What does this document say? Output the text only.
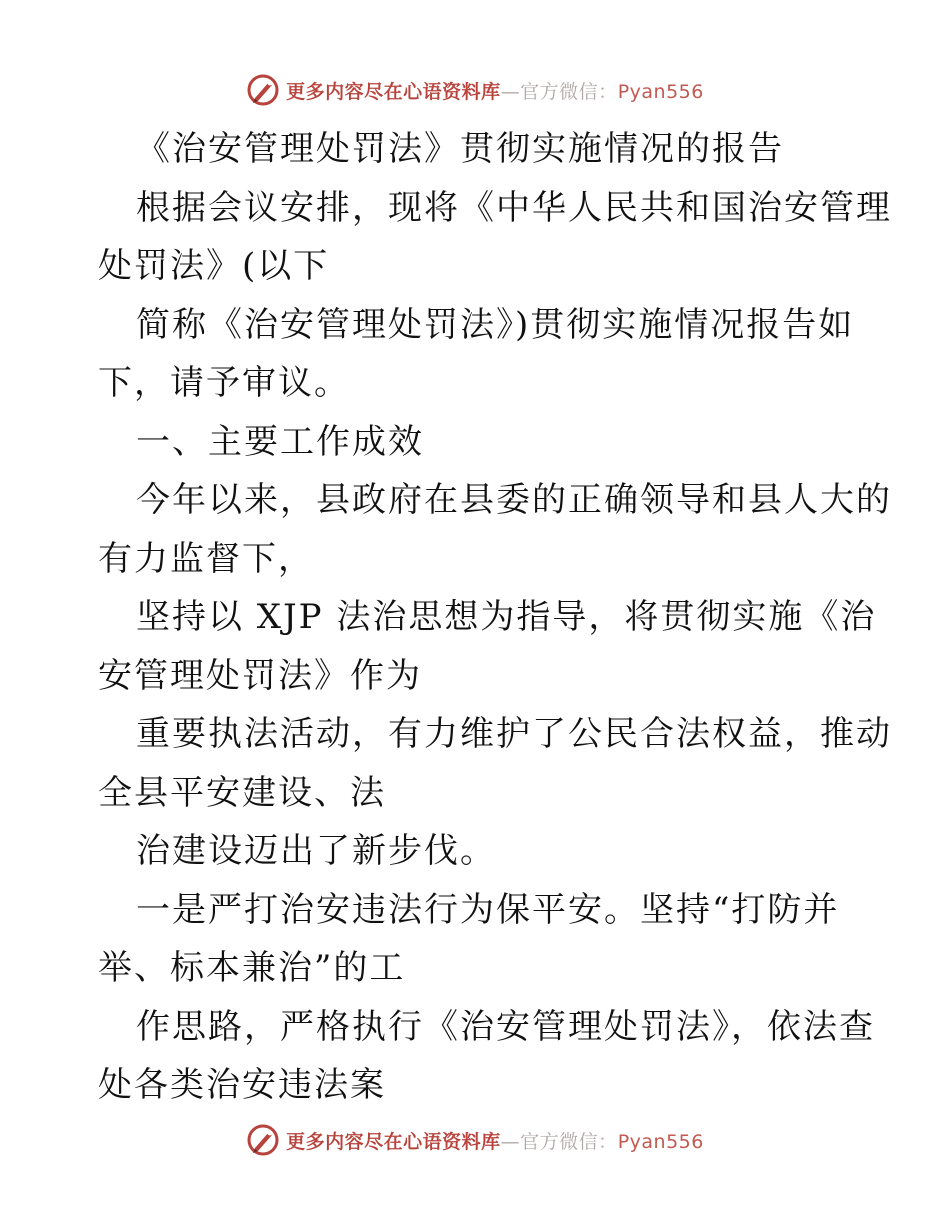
更多内容尽在心语资料库—官方微信：Pyan556
《治安管理处罚法》贯彻实施情况的报告
根据会议安排，现将《中华人民共和国治安管理
处罚法》(以下
简称《治安管理处罚法》)贯彻实施情况报告如
下，请予审议。
一、主要工作成效
今年以来，县政府在县委的正确领导和县人大的
有力监督下，
坚持以 XJP 法治思想为指导，将贯彻实施《治
安管理处罚法》作为
重要执法活动，有力维护了公民合法权益，推动
全县平安建设、法
治建设迈出了新步伐。
一是严打治安违法行为保平安。坚持“打防并
举、标本兼治”的工
作思路，严格执行《治安管理处罚法》，依法查
处各类治安违法案
更多内容尽在心语资料库—官方微信：Pyan556
